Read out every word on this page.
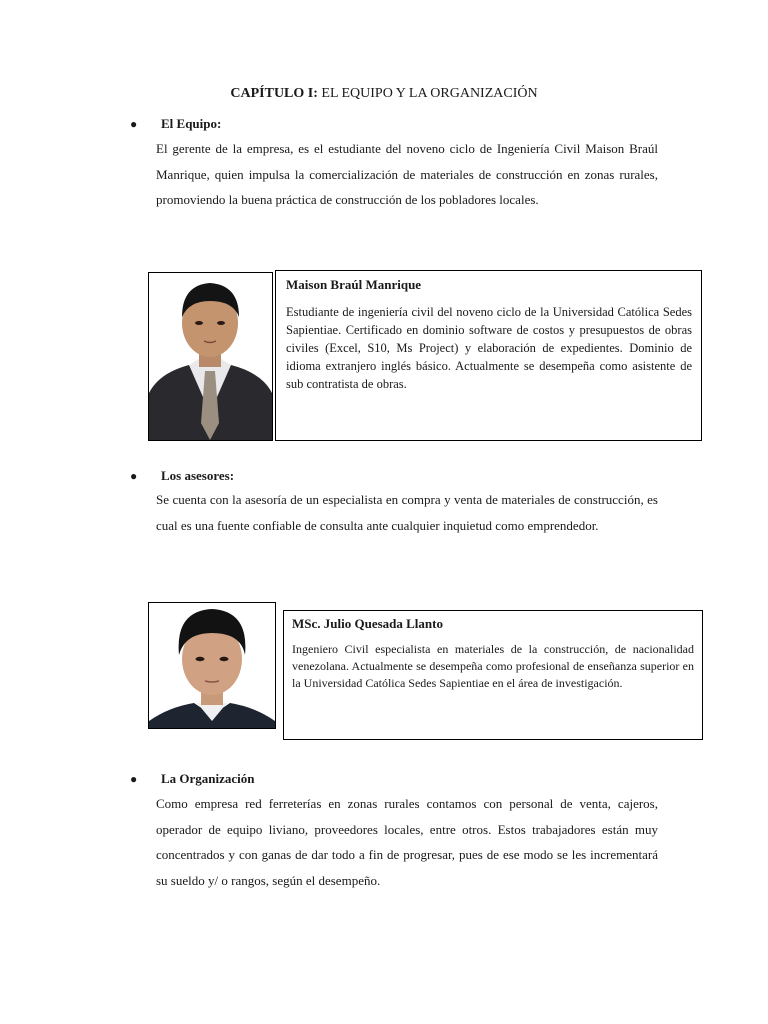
CAPÍTULO I: EL EQUIPO Y LA ORGANIZACIÓN
● El Equipo:

El gerente de la empresa, es el estudiante del noveno ciclo de Ingeniería Civil Maison Braúl Manrique, quien impulsa la comercialización de materiales de construcción en zonas rurales, promoviendo la buena práctica de construcción de los pobladores locales.

Maison Braúl Manrique

Estudiante de ingeniería civil del noveno ciclo de la Universidad Católica Sedes Sapientiae. Certificado en dominio software de costos y presupuestos de obras civiles (Excel, S10, Ms Project) y elaboración de expedientes. Dominio de idioma extranjero inglés básico. Actualmente se desempeña como asistente de sub contratista de obras.

● Los asesores:

Se cuenta con la asesoría de un especialista en compra y venta de materiales de construcción, es cual es una fuente confiable de consulta ante cualquier inquietud como emprendedor.

MSc. Julio Quesada Llanto

Ingeniero Civil especialista en materiales de la construcción, de nacionalidad venezolana. Actualmente se desempeña como profesional de enseñanza superior en la Universidad Católica Sedes Sapientiae en el área de investigación.

● La Organización

Como empresa red ferreterías en zonas rurales contamos con personal de venta, cajeros, operador de equipo liviano, proveedores locales, entre otros. Estos trabajadores están muy concentrados y con ganas de dar todo a fin de progresar, pues de ese modo se les incrementará su sueldo y/ o rangos, según el desempeño.
